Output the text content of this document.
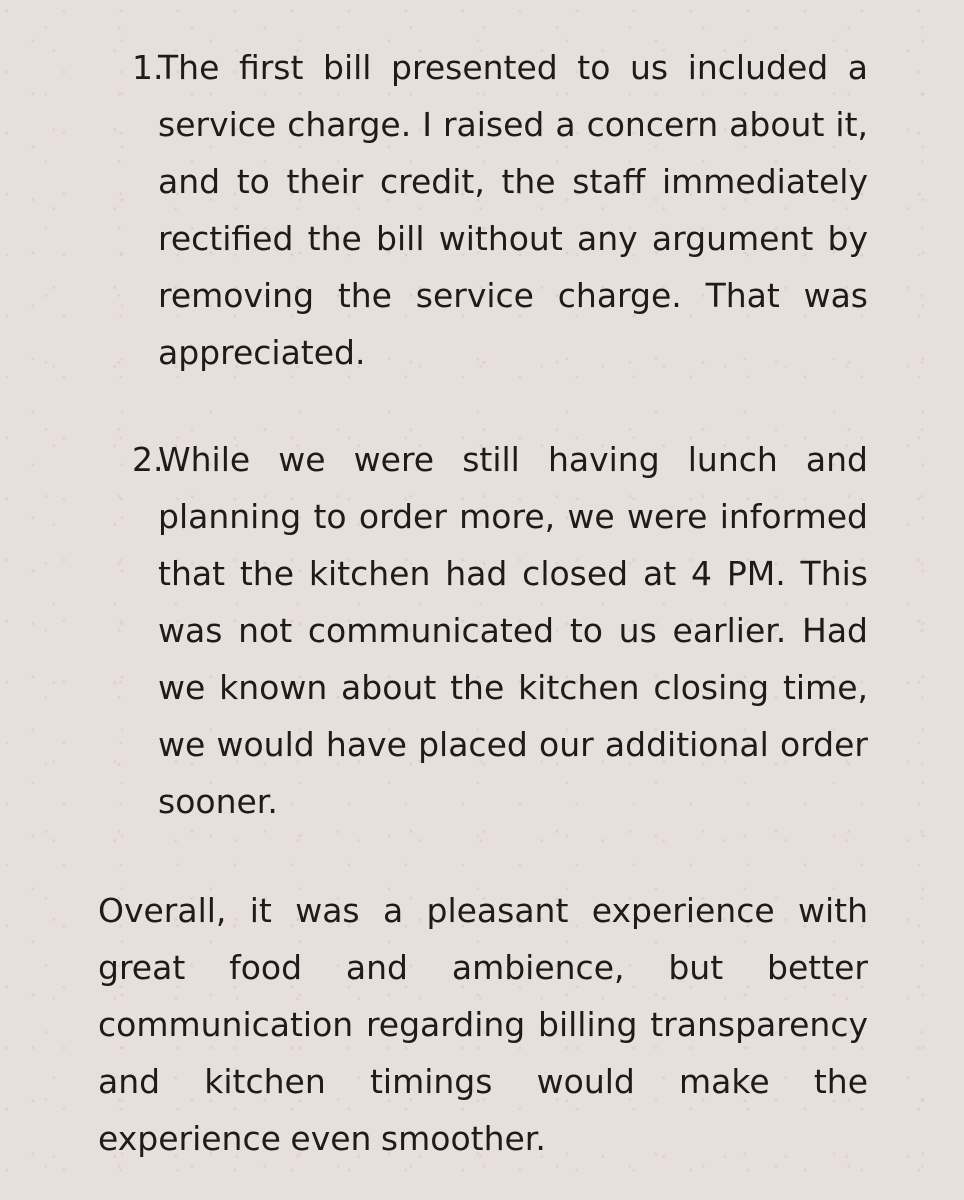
1.
The first bill presented to us included a service charge. I raised a concern about it, and to their credit, the staff immediately rectified the bill without any argument by removing the service charge. That was appreciated.
2.
While we were still having lunch and planning to order more, we were informed that the kitchen had closed at 4 PM. This was not communicated to us earlier. Had we known about the kitchen closing time, we would have placed our additional order sooner.
Overall, it was a pleasant experience with great food and ambience, but better communication regarding billing transparency and kitchen timings would make the experience even smoother.
